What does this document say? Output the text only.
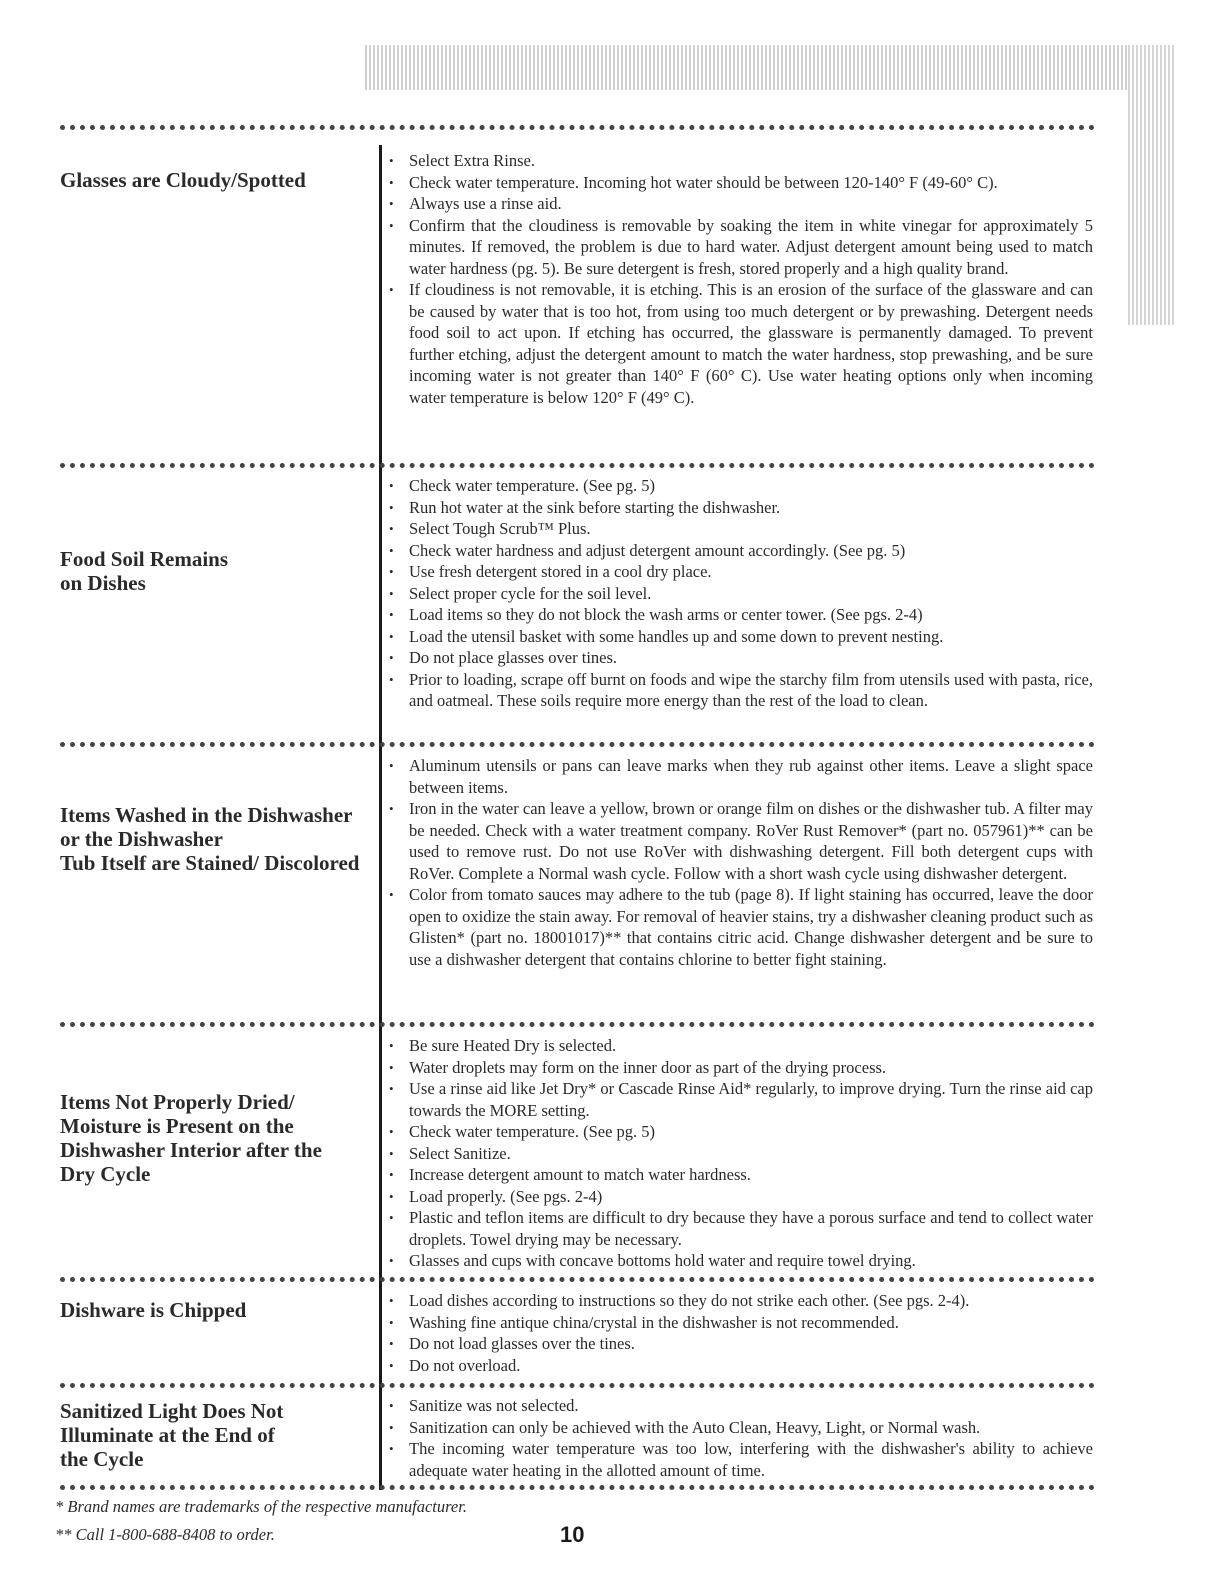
Glasses are Cloudy/Spotted
• Select Extra Rinse.
• Check water temperature. Incoming hot water should be between 120-140° F (49-60° C).
• Always use a rinse aid.
• Confirm that the cloudiness is removable by soaking the item in white vinegar for approximately 5 minutes. If removed, the problem is due to hard water. Adjust detergent amount being used to match water hardness (pg. 5). Be sure detergent is fresh, stored properly and a high quality brand.
• If cloudiness is not removable, it is etching. This is an erosion of the surface of the glassware and can be caused by water that is too hot, from using too much detergent or by prewashing. Detergent needs food soil to act upon. If etching has occurred, the glassware is permanently damaged. To prevent further etching, adjust the detergent amount to match the water hardness, stop prewashing, and be sure incoming water is not greater than 140° F (60° C). Use water heating options only when incoming water temperature is below 120° F (49° C).
Food Soil Remains
on Dishes
• Check water temperature. (See pg. 5)
• Run hot water at the sink before starting the dishwasher.
• Select Tough Scrub™ Plus.
• Check water hardness and adjust detergent amount accordingly. (See pg. 5)
• Use fresh detergent stored in a cool dry place.
• Select proper cycle for the soil level.
• Load items so they do not block the wash arms or center tower. (See pgs. 2-4)
• Load the utensil basket with some handles up and some down to prevent nesting.
• Do not place glasses over tines.
• Prior to loading, scrape off burnt on foods and wipe the starchy film from utensils used with pasta, rice, and oatmeal. These soils require more energy than the rest of the load to clean.
Items Washed in the Dishwasher
or the Dishwasher
Tub Itself are Stained/ Discolored
• Aluminum utensils or pans can leave marks when they rub against other items. Leave a slight space between items.
• Iron in the water can leave a yellow, brown or orange film on dishes or the dishwasher tub. A filter may be needed. Check with a water treatment company. RoVer Rust Remover* (part no. 057961)** can be used to remove rust. Do not use RoVer with dishwashing detergent. Fill both detergent cups with RoVer. Complete a Normal wash cycle. Follow with a short wash cycle using dishwasher detergent.
• Color from tomato sauces may adhere to the tub (page 8). If light staining has occurred, leave the door open to oxidize the stain away. For removal of heavier stains, try a dishwasher cleaning product such as Glisten* (part no. 18001017)** that contains citric acid. Change dishwasher detergent and be sure to use a dishwasher detergent that contains chlorine to better fight staining.
Items Not Properly Dried/
Moisture is Present on the
Dishwasher Interior after the
Dry Cycle
• Be sure Heated Dry is selected.
• Water droplets may form on the inner door as part of the drying process.
• Use a rinse aid like Jet Dry* or Cascade Rinse Aid* regularly, to improve drying. Turn the rinse aid cap towards the MORE setting.
• Check water temperature. (See pg. 5)
• Select Sanitize.
• Increase detergent amount to match water hardness.
• Load properly. (See pgs. 2-4)
• Plastic and teflon items are difficult to dry because they have a porous surface and tend to collect water droplets. Towel drying may be necessary.
• Glasses and cups with concave bottoms hold water and require towel drying.
Dishware is Chipped
•	Load dishes according to instructions so they do not strike each other. (See pgs. 2-4).
• Washing fine antique china/crystal in the dishwasher is not recommended.
• Do not load glasses over the tines.
• Do not overload.
Sanitized Light Does Not
Illuminate at the End of
the Cycle
• Sanitize was not selected.
• Sanitization can only be achieved with the Auto Clean, Heavy, Light, or Normal wash.
• The incoming water temperature was too low, interfering with the dishwasher's ability to achieve adequate water heating in the allotted amount of time.
* Brand names are trademarks of the respective manufacturer.
** Call 1-800-688-8408 to order.	10
